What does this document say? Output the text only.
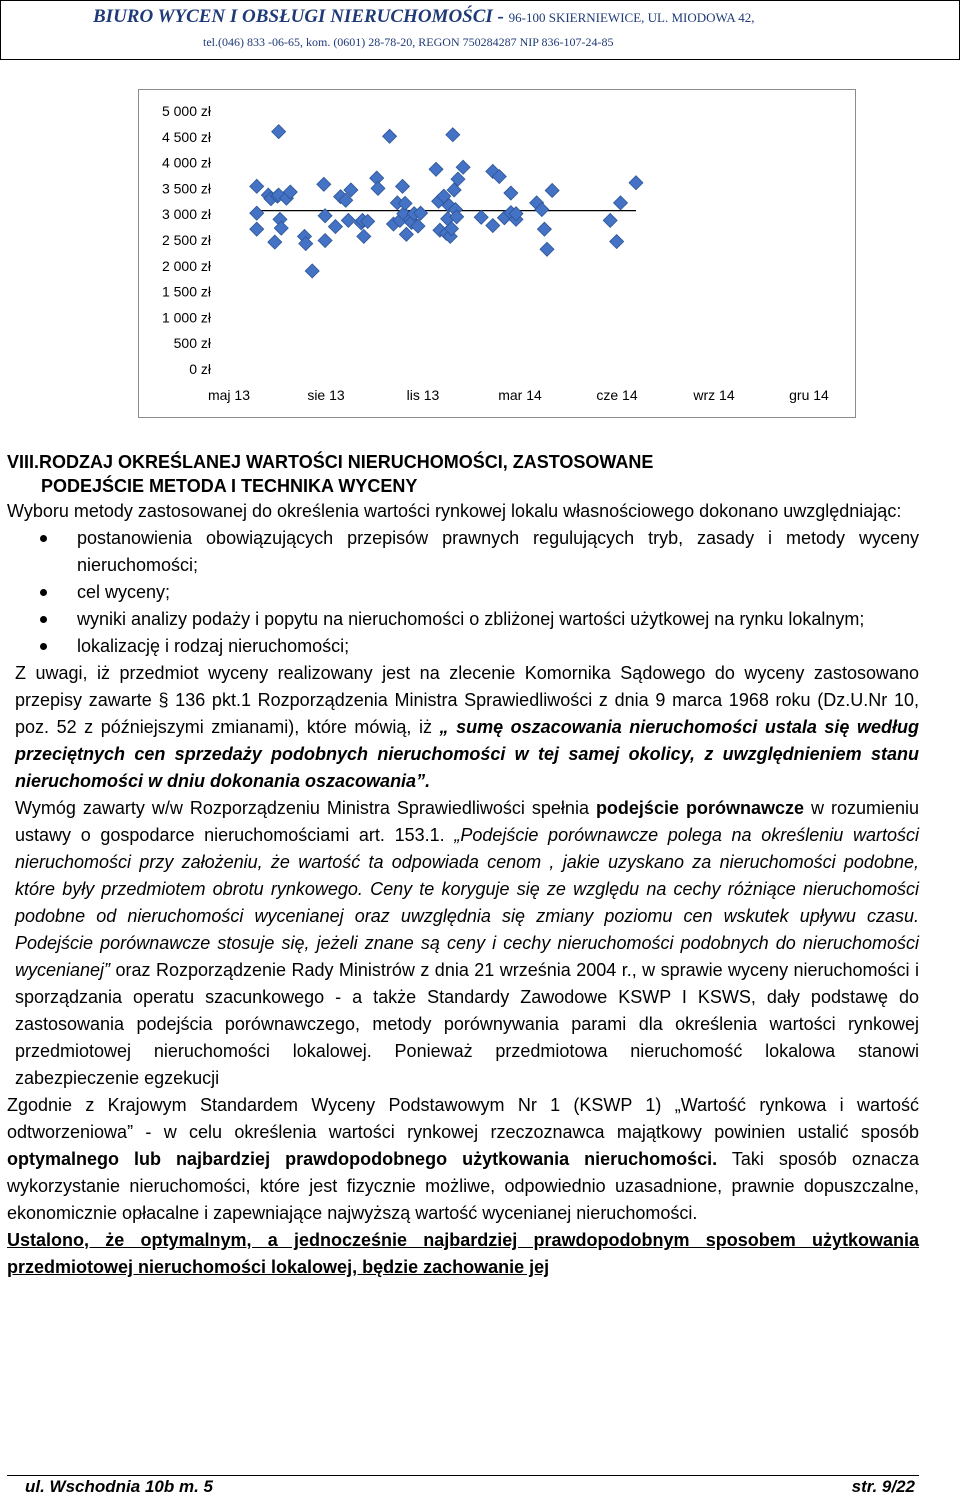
BIURO WYCEN I OBSŁUGI NIERUCHOMOŚCI - 96-100 SKIERNIEWICE, UL. MIODOWA 42,
tel.(046) 833 -06-65, kom. (0601) 28-78-20, REGON 750284287 NIP 836-107-24-85
5 000 zł
4 500 zł
4 000 zł
3 500 zł
3 000 zł
2 500 zł
2 000 zł
1 500 zł
1 000 zł
500 zł
0 zł
maj 13	sie 13	lis 13	mar 14	cze 14	wrz 14	gru 14
VIII.RODZAJ OKREŚLANEJ WARTOŚCI NIERUCHOMOŚCI, ZASTOSOWANE
PODEJŚCIE METODA I TECHNIKA WYCENY

Wyboru metody zastosowanej do określenia wartości rynkowej lokalu własnościowego dokonano uwzględniając:

postanowienia obowiązujących przepisów prawnych regulujących tryb, zasady i metody wyceny nieruchomości;
cel wyceny;
wyniki analizy podaży i popytu na nieruchomości o zbliżonej wartości użytkowej na rynku lokalnym;
lokalizację i rodzaj nieruchomości;

Z uwagi, iż przedmiot wyceny realizowany jest na zlecenie Komornika Sądowego do wyceny zastosowano przepisy zawarte § 136 pkt.1 Rozporządzenia Ministra Sprawiedliwości z dnia 9 marca 1968 roku (Dz.U.Nr 10, poz. 52 z późniejszymi zmianami), które mówią, iż „ sumę oszacowania nieruchomości ustala się według przeciętnych cen sprzedaży podobnych nieruchomości w tej samej okolicy, z uwzględnieniem stanu nieruchomości w dniu dokonania oszacowania”.

Wymóg zawarty w/w Rozporządzeniu Ministra Sprawiedliwości spełnia podejście porównawcze w rozumieniu ustawy o gospodarce nieruchomościami art. 153.1. „Podejście porównawcze polega na określeniu wartości nieruchomości przy założeniu, że wartość ta odpowiada cenom , jakie uzyskano za nieruchomości podobne, które były przedmiotem obrotu rynkowego. Ceny te koryguje się ze względu na cechy różniące nieruchomości podobne od nieruchomości wycenianej oraz uwzględnia się zmiany poziomu cen wskutek upływu czasu. Podejście porównawcze stosuje się, jeżeli znane są ceny i cechy nieruchomości podobnych do nieruchomości wycenianej” oraz Rozporządzenie Rady Ministrów z dnia 21 września 2004 r., w sprawie wyceny nieruchomości i sporządzania operatu szacunkowego - a także Standardy Zawodowe KSWP I KSWS, dały podstawę do zastosowania podejścia porównawczego, metody porównywania parami dla określenia wartości rynkowej przedmiotowej nieruchomości lokalowej. Ponieważ przedmiotowa nieruchomość lokalowa stanowi zabezpieczenie egzekucji

Zgodnie z Krajowym Standardem Wyceny Podstawowym Nr 1 (KSWP 1) „Wartość rynkowa i wartość odtworzeniowa” - w celu określenia wartości rynkowej rzeczoznawca majątkowy powinien ustalić sposób optymalnego lub najbardziej prawdopodobnego użytkowania nieruchomości. Taki sposób oznacza wykorzystanie nieruchomości, które jest fizycznie możliwe, odpowiednio uzasadnione, prawnie dopuszczalne, ekonomicznie opłacalne i zapewniające najwyższą wartość wycenianej nieruchomości.

Ustalono, że optymalnym, a jednocześnie najbardziej prawdopodobnym sposobem użytkowania przedmiotowej nieruchomości lokalowej, będzie zachowanie jej

ul. Wschodnia 10b m. 5	str. 9/22
